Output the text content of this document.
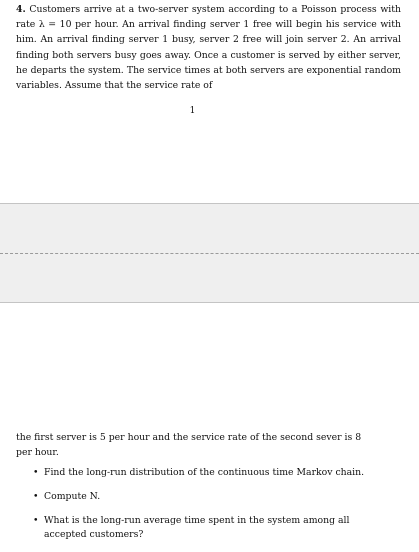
4. Customers arrive at a two-server system according to a Poisson process with rate λ = 10 per hour. An arrival finding server 1 free will begin his service with him. An arrival finding server 1 busy, server 2 free will join server 2. An arrival finding both servers busy goes away. Once a customer is served by either server, he departs the system. The service times at both servers are exponential random variables. Assume that the service rate of
1
the first server is 5 per hour and the service rate of the second sever is 8 per hour.
• Find the long-run distribution of the continuous time Markov chain.
• Compute N.
• What is the long-run average time spent in the system among all accepted customers?
